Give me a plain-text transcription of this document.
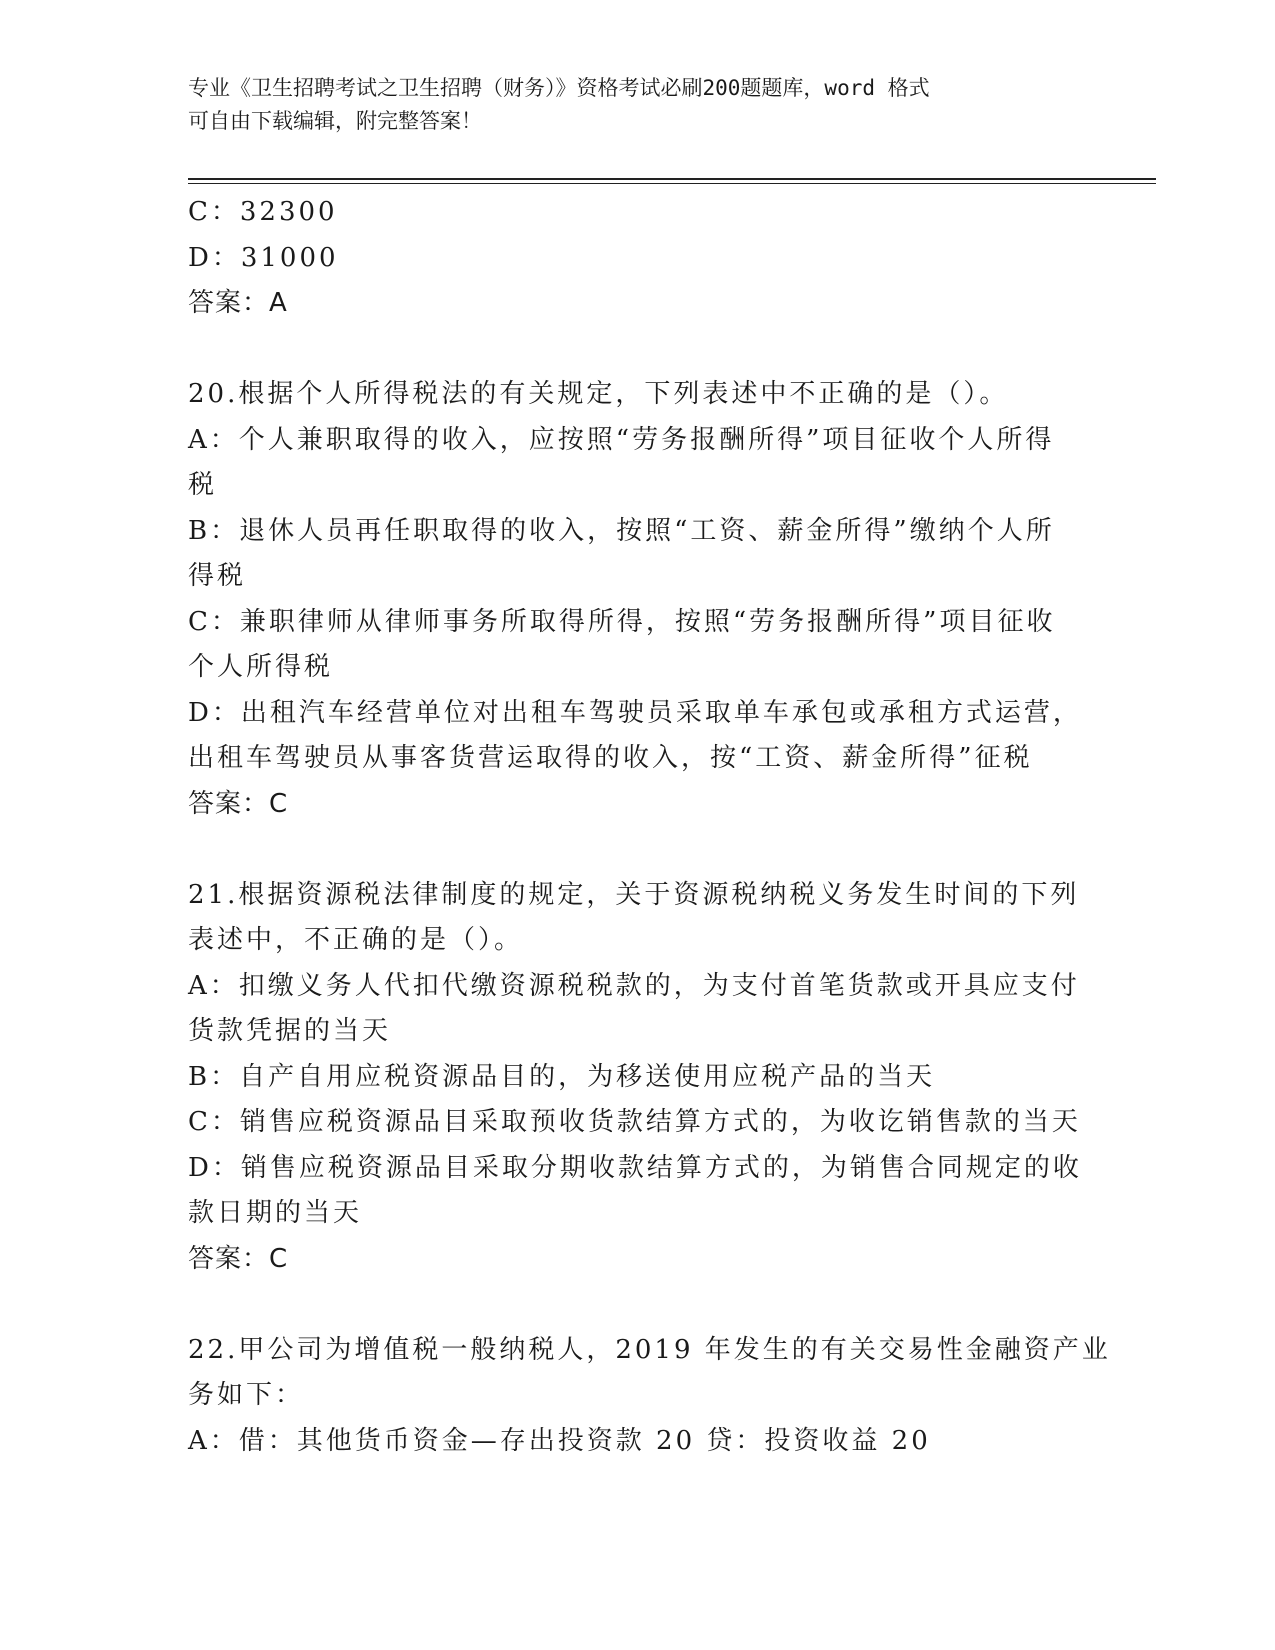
专业《卫生招聘考试之卫生招聘（财务）》资格考试必刷200题题库，word 格式
可自由下载编辑，附完整答案！
C：32300
D：31000
答案：A
20.根据个人所得税法的有关规定，下列表述中不正确的是（）。
A：个人兼职取得的收入，应按照“劳务报酬所得”项目征收个人所得
税
B：退休人员再任职取得的收入，按照“工资、薪金所得”缴纳个人所
得税
C：兼职律师从律师事务所取得所得，按照“劳务报酬所得”项目征收
个人所得税
D：出租汽车经营单位对出租车驾驶员采取单车承包或承租方式运营，
出租车驾驶员从事客货营运取得的收入，按“工资、薪金所得”征税
答案：C
21.根据资源税法律制度的规定，关于资源税纳税义务发生时间的下列
表述中，不正确的是（）。
A：扣缴义务人代扣代缴资源税税款的，为支付首笔货款或开具应支付
货款凭据的当天
B：自产自用应税资源品目的，为移送使用应税产品的当天
C：销售应税资源品目采取预收货款结算方式的，为收讫销售款的当天
D：销售应税资源品目采取分期收款结算方式的，为销售合同规定的收
款日期的当天
答案：C
22.甲公司为增值税一般纳税人，2019 年发生的有关交易性金融资产业
务如下：
A：借：其他货币资金—存出投资款 20 贷：投资收益 20
